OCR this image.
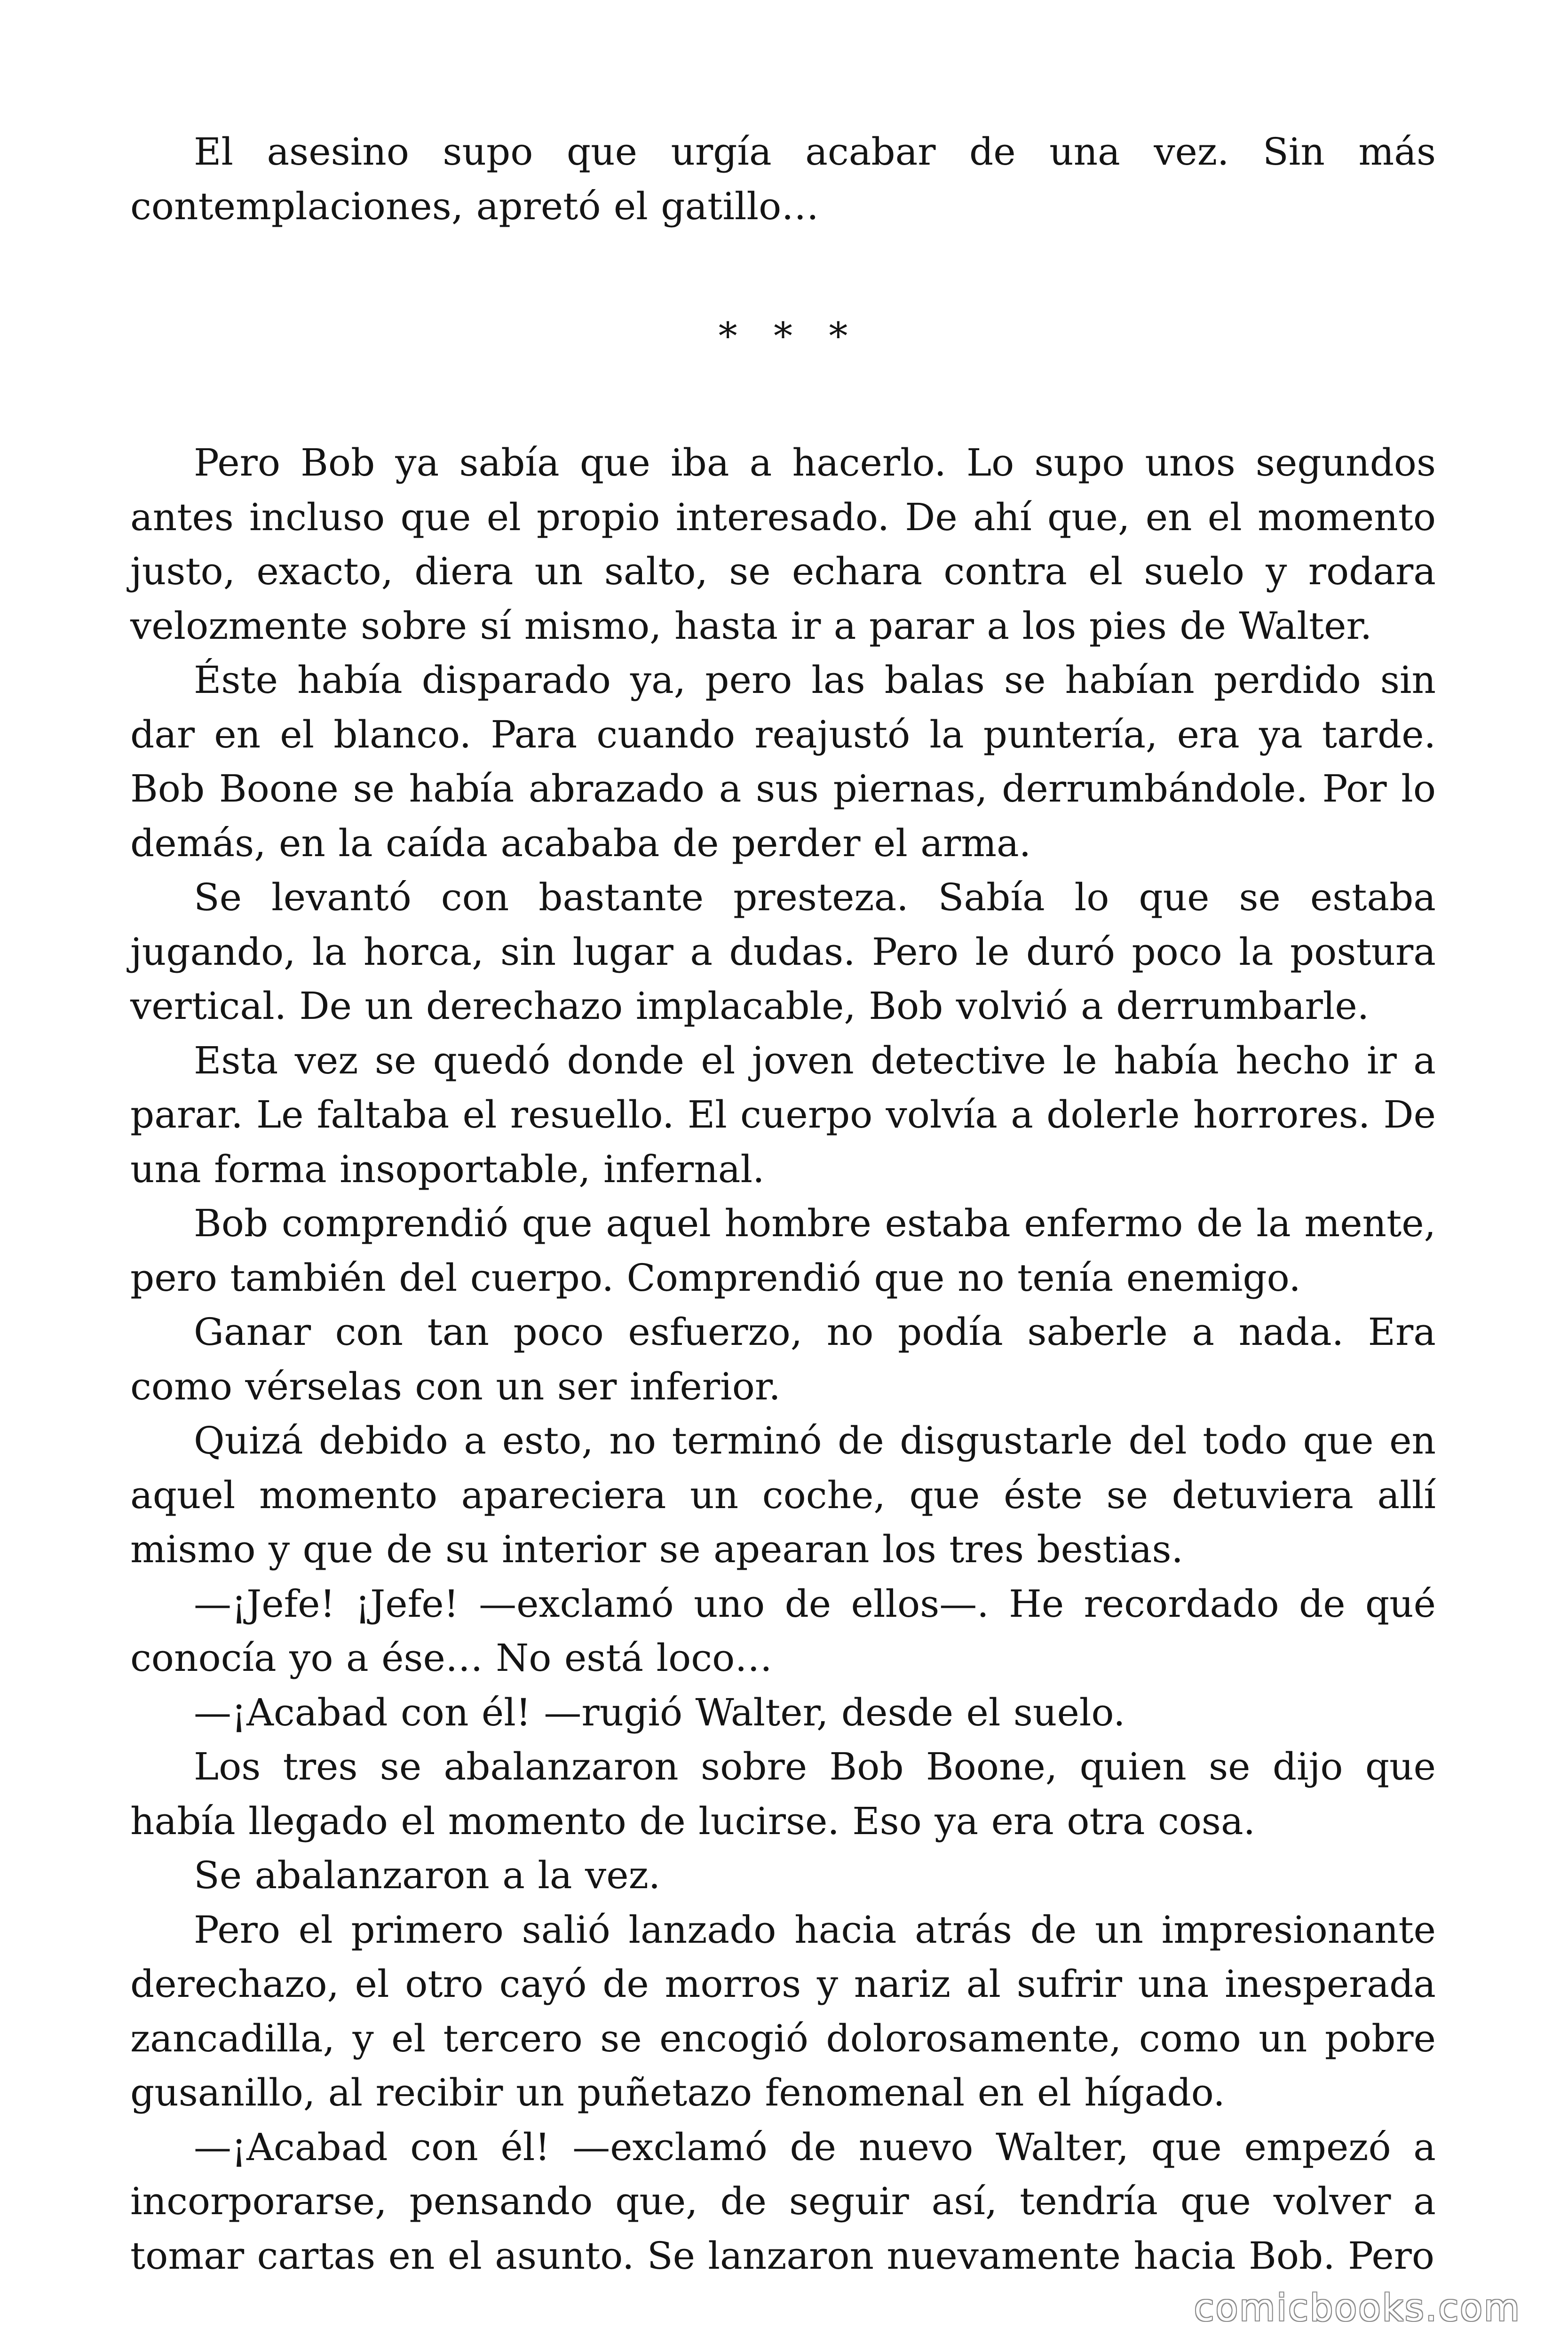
El asesino supo que urgía acabar de una vez. Sin más contemplaciones, apretó el gatillo…

* * *

Pero Bob ya sabía que iba a hacerlo. Lo supo unos segundos antes incluso que el propio interesado. De ahí que, en el momento justo, exacto, diera un salto, se echara contra el suelo y rodara velozmente sobre sí mismo, hasta ir a parar a los pies de Walter.

Éste había disparado ya, pero las balas se habían perdido sin dar en el blanco. Para cuando reajustó la puntería, era ya tarde. Bob Boone se había abrazado a sus piernas, derrumbándole. Por lo demás, en la caída acababa de perder el arma.

Se levantó con bastante presteza. Sabía lo que se estaba jugando, la horca, sin lugar a dudas. Pero le duró poco la postura vertical. De un derechazo implacable, Bob volvió a derrumbarle.

Esta vez se quedó donde el joven detective le había hecho ir a parar. Le faltaba el resuello. El cuerpo volvía a dolerle horrores. De una forma insoportable, infernal.

Bob comprendió que aquel hombre estaba enfermo de la mente, pero también del cuerpo. Comprendió que no tenía enemigo.

Ganar con tan poco esfuerzo, no podía saberle a nada. Era como vérselas con un ser inferior.

Quizá debido a esto, no terminó de disgustarle del todo que en aquel momento apareciera un coche, que éste se detuviera allí mismo y que de su interior se apearan los tres bestias.

—¡Jefe! ¡Jefe! —exclamó uno de ellos—. He recordado de qué conocía yo a ése… No está loco…

—¡Acabad con él! —rugió Walter, desde el suelo.

Los tres se abalanzaron sobre Bob Boone, quien se dijo que había llegado el momento de lucirse. Eso ya era otra cosa.

Se abalanzaron a la vez.

Pero el primero salió lanzado hacia atrás de un impresionante derechazo, el otro cayó de morros y nariz al sufrir una inesperada zancadilla, y el tercero se encogió dolorosamente, como un pobre gusanillo, al recibir un puñetazo fenomenal en el hígado.

—¡Acabad con él! —exclamó de nuevo Walter, que empezó a incorporarse, pensando que, de seguir así, tendría que volver a tomar cartas en el asunto. Se lanzaron nuevamente hacia Bob. Pero

comicbooks.com
